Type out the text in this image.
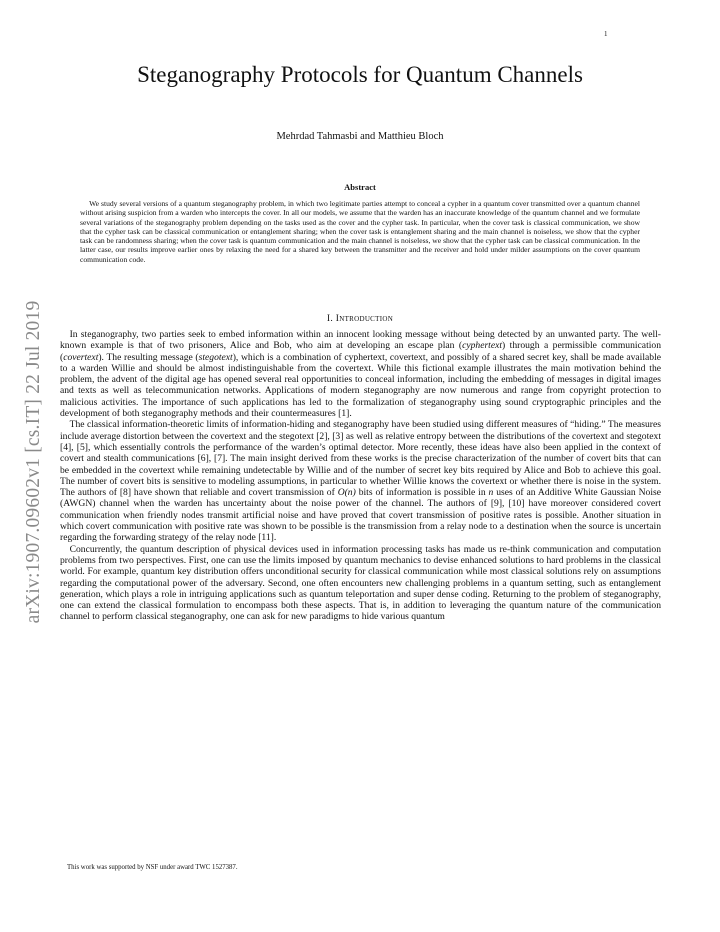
1
arXiv:1907.09602v1 [cs.IT] 22 Jul 2019
Steganography Protocols for Quantum Channels

Mehrdad Tahmasbi and Matthieu Bloch

Abstract

We study several versions of a quantum steganography problem, in which two legitimate parties attempt to conceal a cypher in a quantum cover transmitted over a quantum channel without arising suspicion from a warden who intercepts the cover. In all our models, we assume that the warden has an inaccurate knowledge of the quantum channel and we formulate several variations of the steganography problem depending on the tasks used as the cover and the cypher task. In particular, when the cover task is classical communication, we show that the cypher task can be classical communication or entanglement sharing; when the cover task is entanglement sharing and the main channel is noiseless, we show that the cypher task can be randomness sharing; when the cover task is quantum communication and the main channel is noiseless, we show that the cypher task can be classical communication. In the latter case, our results improve earlier ones by relaxing the need for a shared key between the transmitter and the receiver and hold under milder assumptions on the cover quantum communication code.

I. Introduction

In steganography, two parties seek to embed information within an innocent looking message without being detected by an unwanted party. The well-known example is that of two prisoners, Alice and Bob, who aim at developing an escape plan (cyphertext) through a permissible communication (covertext). The resulting message (stegotext), which is a combination of cyphertext, covertext, and possibly of a shared secret key, shall be made available to a warden Willie and should be almost indistinguishable from the covertext. While this fictional example illustrates the main motivation behind the problem, the advent of the digital age has opened several real opportunities to conceal information, including the embedding of messages in digital images and texts as well as telecommunication networks. Applications of modern steganography are now numerous and range from copyright protection to malicious activities. The importance of such applications has led to the formalization of steganography using sound cryptographic principles and the development of both steganography methods and their countermeasures [1].

The classical information-theoretic limits of information-hiding and steganography have been studied using different measures of “hiding.” The measures include average distortion between the covertext and the stegotext [2], [3] as well as relative entropy between the distributions of the covertext and stegotext [4], [5], which essentially controls the performance of the warden’s optimal detector. More recently, these ideas have also been applied in the context of covert and stealth communications [6], [7]. The main insight derived from these works is the precise characterization of the number of covert bits that can be embedded in the covertext while remaining undetectable by Willie and of the number of secret key bits required by Alice and Bob to achieve this goal. The number of covert bits is sensitive to modeling assumptions, in particular to whether Willie knows the covertext or whether there is noise in the system. The authors of [8] have shown that reliable and covert transmission of O(n) bits of information is possible in n uses of an Additive White Gaussian Noise (AWGN) channel when the warden has uncertainty about the noise power of the channel. The authors of [9], [10] have moreover considered covert communication when friendly nodes transmit artificial noise and have proved that covert transmission of positive rates is possible. Another situation in which covert communication with positive rate was shown to be possible is the transmission from a relay node to a destination when the source is uncertain regarding the forwarding strategy of the relay node [11].

Concurrently, the quantum description of physical devices used in information processing tasks has made us re-think communication and computation problems from two perspectives. First, one can use the limits imposed by quantum mechanics to devise enhanced solutions to hard problems in the classical world. For example, quantum key distribution offers unconditional security for classical communication while most classical solutions rely on assumptions regarding the computational power of the adversary. Second, one often encounters new challenging problems in a quantum setting, such as entanglement generation, which plays a role in intriguing applications such as quantum teleportation and super dense coding. Returning to the problem of steganography, one can extend the classical formulation to encompass both these aspects. That is, in addition to leveraging the quantum nature of the communication channel to perform classical steganography, one can ask for new paradigms to hide various quantum

This work was supported by NSF under award TWC 1527387.
